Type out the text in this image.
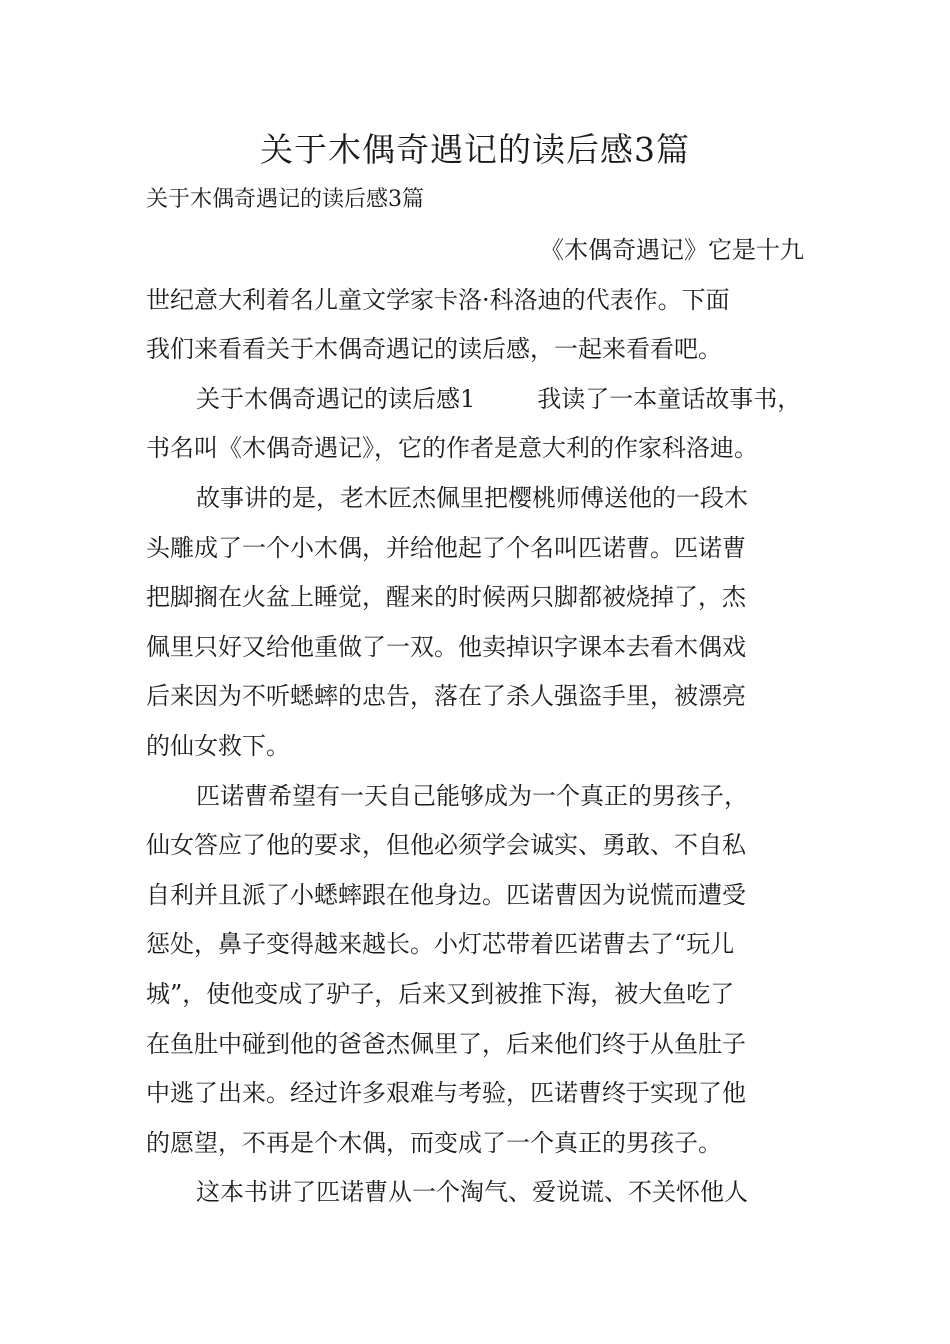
关于木偶奇遇记的读后感3篇

关于木偶奇遇记的读后感3篇

《木偶奇遇记》它是十九

世纪意大利着名儿童文学家卡洛·科洛迪的代表作。下面

我们来看看关于木偶奇遇记的读后感，一起来看看吧。

关于木偶奇遇记的读后感1	我读了一本童话故事书，

书名叫《木偶奇遇记》，它的作者是意大利的作家科洛迪。

故事讲的是，老木匠杰佩里把樱桃师傅送他的一段木

头雕成了一个小木偶，并给他起了个名叫匹诺曹。匹诺曹

把脚搁在火盆上睡觉，醒来的时候两只脚都被烧掉了，杰

佩里只好又给他重做了一双。他卖掉识字课本去看木偶戏

后来因为不听蟋蟀的忠告，落在了杀人强盗手里，被漂亮

的仙女救下。

匹诺曹希望有一天自己能够成为一个真正的男孩子，

仙女答应了他的要求，但他必须学会诚实、勇敢、不自私

自利并且派了小蟋蟀跟在他身边。匹诺曹因为说慌而遭受

惩处，鼻子变得越来越长。小灯芯带着匹诺曹去了“玩儿

城”，使他变成了驴子，后来又到被推下海，被大鱼吃了

在鱼肚中碰到他的爸爸杰佩里了，后来他们终于从鱼肚子

中逃了出来。经过许多艰难与考验，匹诺曹终于实现了他

的愿望，不再是个木偶，而变成了一个真正的男孩子。

这本书讲了匹诺曹从一个淘气、爱说谎、不关怀他人
